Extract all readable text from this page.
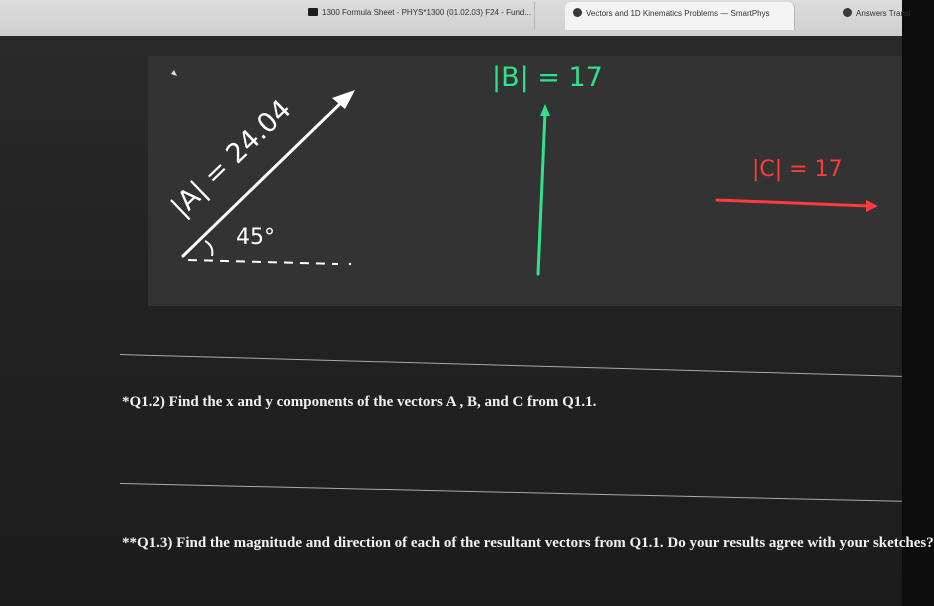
1300 Formula Sheet - PHYS*1300 (01.02.03) F24 - Fund...	Vectors and 1D Kinematics Problems — SmartPhys	Answers Transl
|A| = 24.04
45°
|B| = 17
|C| = 17
*Q1.2) Find the x and y components of the vectors A , B, and C from Q1.1.
**Q1.3) Find the magnitude and direction of each of the resultant vectors from Q1.1. Do your results agree with your sketches?
